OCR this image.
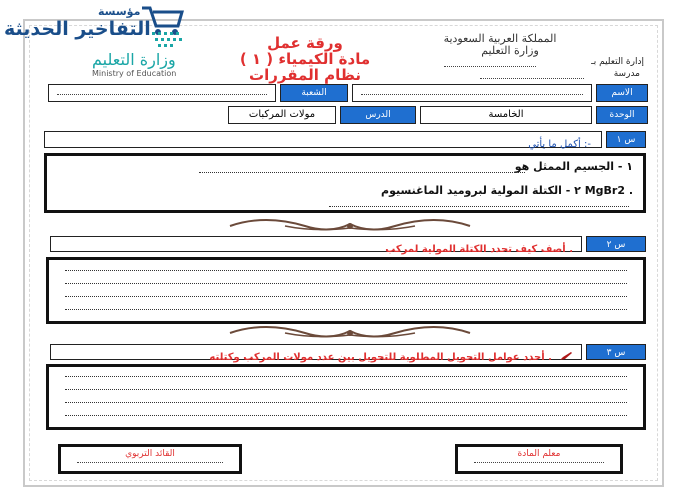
مؤسسة
التفاخير الحديثة
وزارة التعليم
Ministry of Education
المملكة العربية السعودية
وزارة التعليم
إدارة التعليم بـ
مدرسة
ورقة عمل
مادة الكيمياء ( ١ )
نظام المقررات
الاسم
الشعبة
الوحدة
الخامسة
الدرس
مولات المركبات
س ١
أكمل ما يأتي :-
١ - الجسيم الممثل هو
٢ - الكتلة المولية لبروميد الماغنسيوم MgBr2 .
س ٢
أصف كيف تحدد الكتلة المولية لمركب .
س ٣
أحدد عوامل التحويل المطلوبة للتحويل بين عدد مولات المركب وكتلته .
معلم المادة
القائد التربوي
